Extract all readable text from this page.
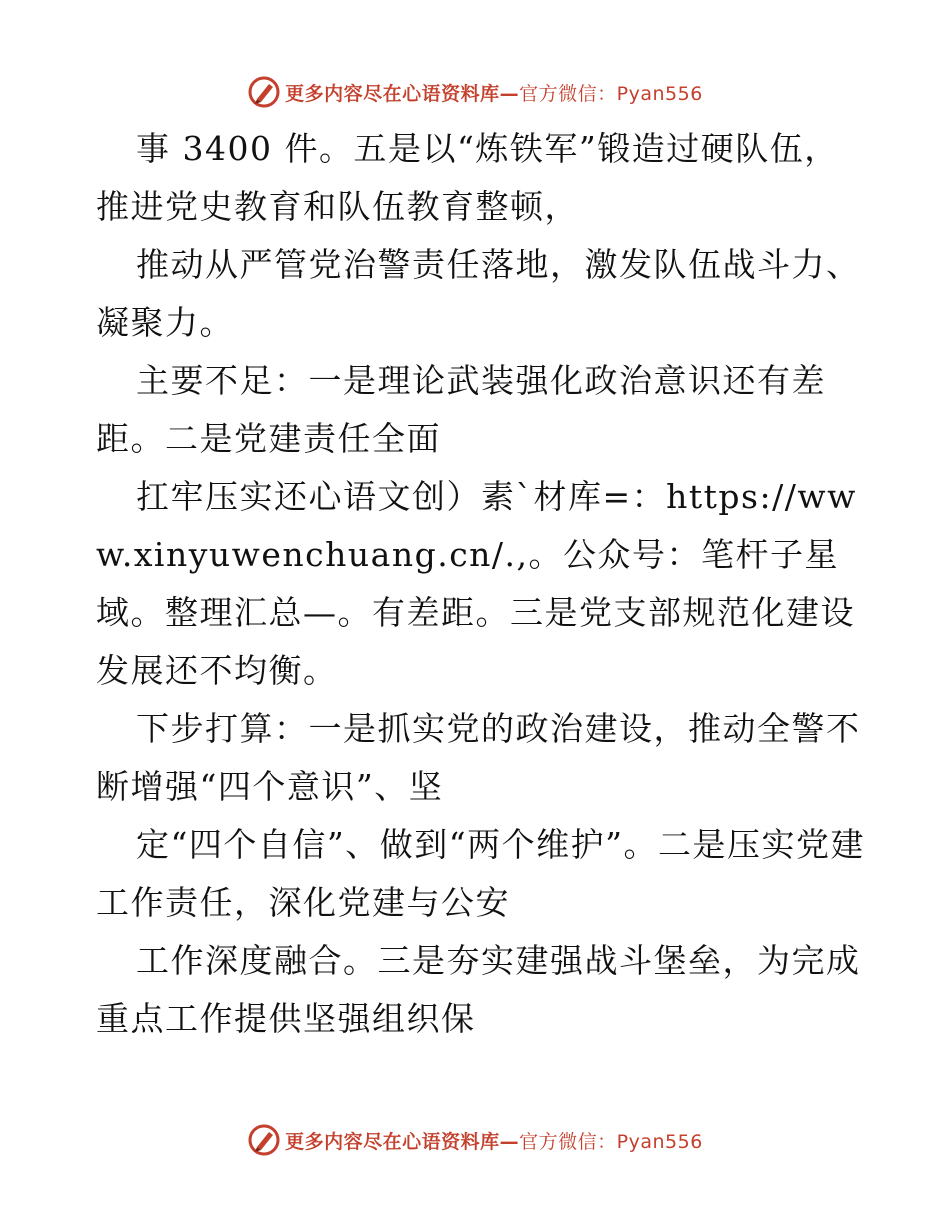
更多内容尽在心语资料库—官方微信：Pyan556

事 3400 件。五是以“炼铁军”锻造过硬队伍，推进党史教育和队伍教育整顿，

推动从严管党治警责任落地，激发队伍战斗力、凝聚力。

主要不足：一是理论武装强化政治意识还有差距。二是党建责任全面

扛牢压实还心语文创）素`材库=：https://www.xinyuwenchuang.cn/.,。公众号：笔杆子星域。整理汇总—。有差距。三是党支部规范化建设发展还不均衡。

下步打算：一是抓实党的政治建设，推动全警不断增强“四个意识”、坚

定“四个自信”、做到“两个维护”。二是压实党建工作责任，深化党建与公安

工作深度融合。三是夯实建强战斗堡垒，为完成重点工作提供坚强组织保

更多内容尽在心语资料库—官方微信：Pyan556
